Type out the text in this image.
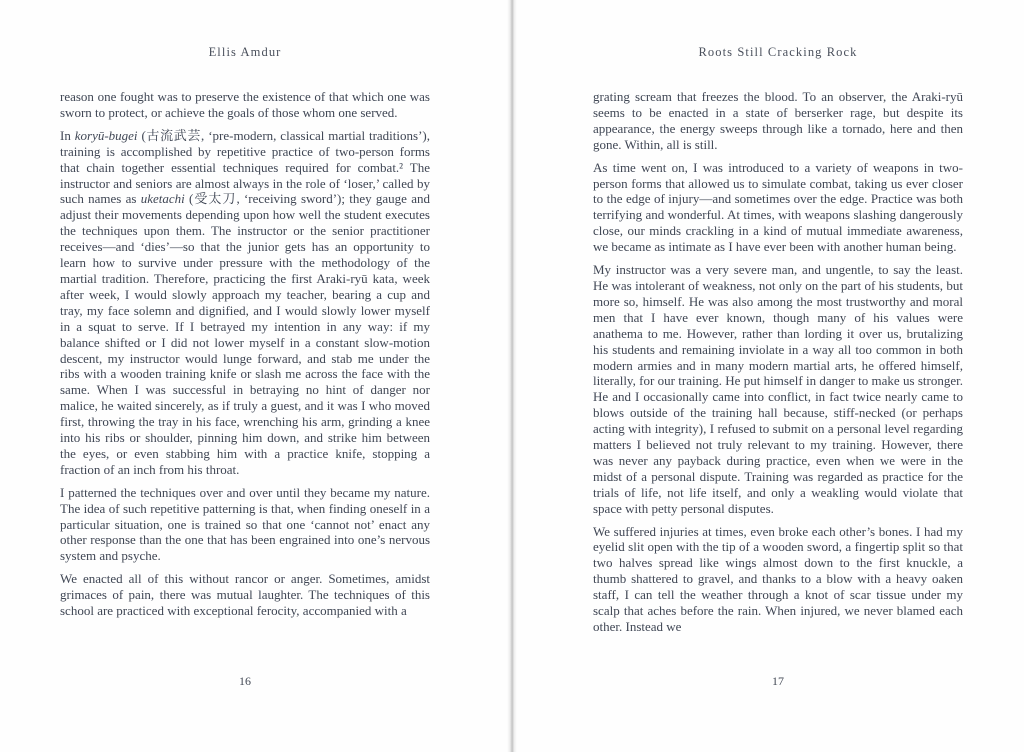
Ellis Amdur

reason one fought was to preserve the existence of that which one was sworn to protect, or achieve the goals of those whom one served.

In koryū-bugei (古流武芸, ‘pre-modern, classical martial traditions’), training is accomplished by repetitive practice of two-person forms that chain together essential techniques required for combat.² The instructor and seniors are almost always in the role of ‘loser,’ called by such names as uketachi (受太刀, ‘receiving sword’); they gauge and adjust their movements depending upon how well the student executes the techniques upon them. The instructor or the senior practitioner receives—and ‘dies’—so that the junior gets has an opportunity to learn how to survive under pressure with the methodology of the martial tradition. Therefore, practicing the first Araki-ryū kata, week after week, I would slowly approach my teacher, bearing a cup and tray, my face solemn and dignified, and I would slowly lower myself in a squat to serve. If I betrayed my intention in any way: if my balance shifted or I did not lower myself in a constant slow-motion descent, my instructor would lunge forward, and stab me under the ribs with a wooden training knife or slash me across the face with the same. When I was successful in betraying no hint of danger nor malice, he waited sincerely, as if truly a guest, and it was I who moved first, throwing the tray in his face, wrenching his arm, grinding a knee into his ribs or shoulder, pinning him down, and strike him between the eyes, or even stabbing him with a practice knife, stopping a fraction of an inch from his throat.

I patterned the techniques over and over until they became my nature. The idea of such repetitive patterning is that, when finding oneself in a particular situation, one is trained so that one ‘cannot not’ enact any other response than the one that has been engrained into one’s nervous system and psyche.

We enacted all of this without rancor or anger. Sometimes, amidst grimaces of pain, there was mutual laughter. The techniques of this school are practiced with exceptional ferocity, accompanied with a

16
Roots Still Cracking Rock

grating scream that freezes the blood. To an observer, the Araki-ryū seems to be enacted in a state of berserker rage, but despite its appearance, the energy sweeps through like a tornado, here and then gone. Within, all is still.

As time went on, I was introduced to a variety of weapons in two-person forms that allowed us to simulate combat, taking us ever closer to the edge of injury—and sometimes over the edge. Practice was both terrifying and wonderful. At times, with weapons slashing dangerously close, our minds crackling in a kind of mutual immediate awareness, we became as intimate as I have ever been with another human being.

My instructor was a very severe man, and ungentle, to say the least. He was intolerant of weakness, not only on the part of his students, but more so, himself. He was also among the most trustworthy and moral men that I have ever known, though many of his values were anathema to me. However, rather than lording it over us, brutalizing his students and remaining inviolate in a way all too common in both modern armies and in many modern martial arts, he offered himself, literally, for our training. He put himself in danger to make us stronger. He and I occasionally came into conflict, in fact twice nearly came to blows outside of the training hall because, stiff-necked (or perhaps acting with integrity), I refused to submit on a personal level regarding matters I believed not truly relevant to my training. However, there was never any payback during practice, even when we were in the midst of a personal dispute. Training was regarded as practice for the trials of life, not life itself, and only a weakling would violate that space with petty personal disputes.

We suffered injuries at times, even broke each other’s bones. I had my eyelid slit open with the tip of a wooden sword, a fingertip split so that two halves spread like wings almost down to the first knuckle, a thumb shattered to gravel, and thanks to a blow with a heavy oaken staff, I can tell the weather through a knot of scar tissue under my scalp that aches before the rain. When injured, we never blamed each other. Instead we

17
